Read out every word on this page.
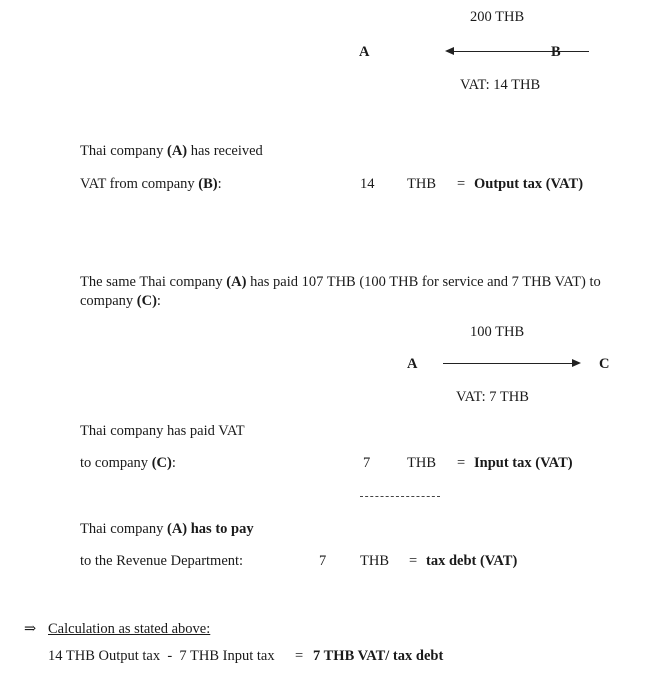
200 THB
A	B
VAT: 14 THB
Thai company (A) has received
VAT from company (B):	14 THB = Output tax (VAT)
The same Thai company (A) has paid 107 THB (100 THB for service and 7 THB VAT) to company (C):
100 THB
A	C
VAT: 7 THB
Thai company has paid VAT
to company (C):	7	THB = Input tax (VAT)
Thai company (A) has to pay
to the Revenue Department:	7 THB = tax debt (VAT)
⇒ Calculation as stated above:
14 THB Output tax  -  7 THB Input tax = 7 THB VAT/ tax debt
